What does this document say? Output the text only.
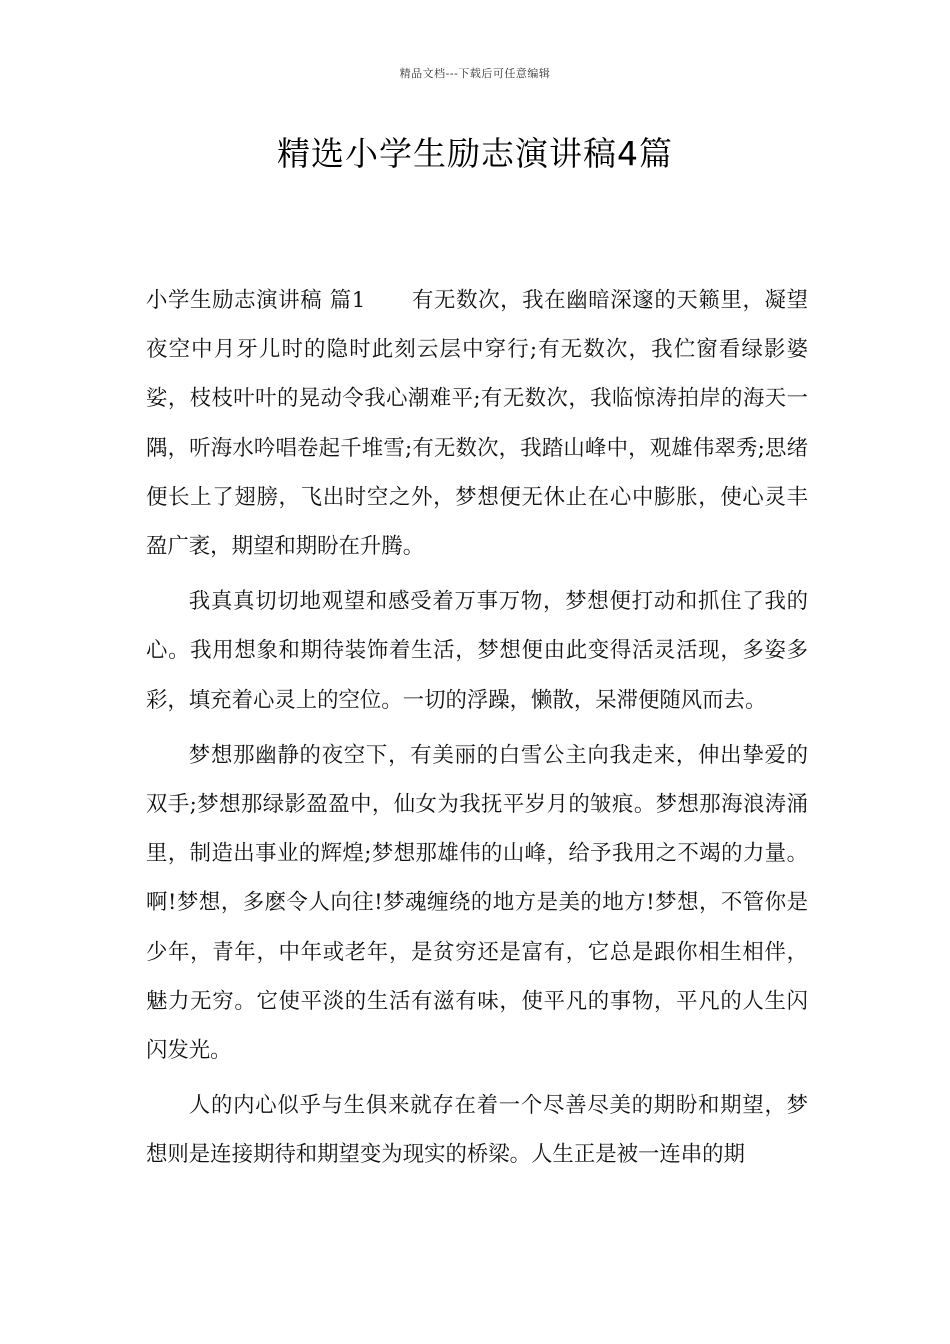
精品文档---下载后可任意编辑
精选小学生励志演讲稿4篇

小学生励志演讲稿 篇1 有无数次，我在幽暗深邃的天籁里，凝望夜空中月牙儿时的隐时此刻云层中穿行;有无数次，我伫窗看绿影婆娑，枝枝叶叶的晃动令我心潮难平;有无数次，我临惊涛拍岸的海天一隅，听海水吟唱卷起千堆雪;有无数次，我踏山峰中，观雄伟翠秀;思绪便长上了翅膀，飞出时空之外，梦想便无休止在心中膨胀，使心灵丰盈广袤，期望和期盼在升腾。

我真真切切地观望和感受着万事万物，梦想便打动和抓住了我的心。我用想象和期待装饰着生活，梦想便由此变得活灵活现，多姿多彩，填充着心灵上的空位。一切的浮躁，懒散，呆滞便随风而去。

梦想那幽静的夜空下，有美丽的白雪公主向我走来，伸出挚爱的双手;梦想那绿影盈盈中，仙女为我抚平岁月的皱痕。梦想那海浪涛涌里，制造出事业的辉煌;梦想那雄伟的山峰，给予我用之不竭的力量。啊!梦想，多麽令人向往!梦魂缠绕的地方是美的地方!梦想，不管你是少年，青年，中年或老年，是贫穷还是富有，它总是跟你相生相伴，魅力无穷。它使平淡的生活有滋有味，使平凡的事物，平凡的人生闪闪发光。

人的内心似乎与生俱来就存在着一个尽善尽美的期盼和期望，梦想则是连接期待和期望变为现实的桥梁。人生正是被一连串的期
